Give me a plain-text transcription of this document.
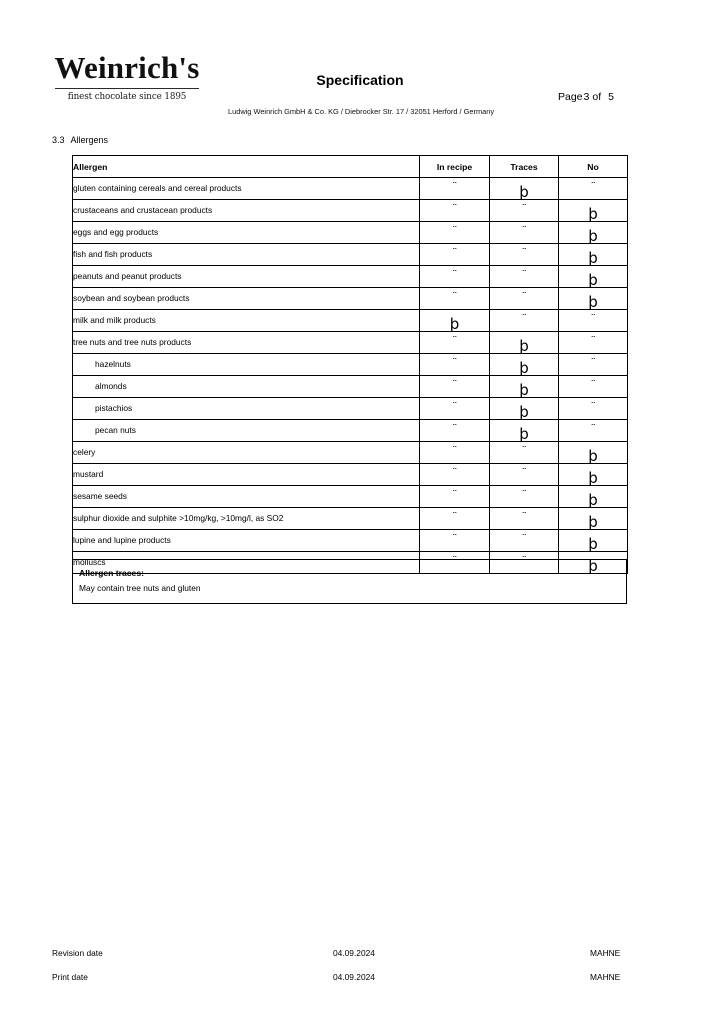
Weinrich's
finest chocolate since 1895
Specification
Ludwig Weinrich GmbH & Co. KG / Diebrocker Str. 17 / 32051 Herford / Germany
Page3 of 5
3.3 Allergens
Allergen	In recipe	Traces	No
gluten containing cereals and cereal products	¨	þ	¨
crustaceans and crustacean products	¨	¨	þ
eggs and egg products	¨	¨	þ
fish and fish products	¨	¨	þ
peanuts and peanut products	¨	¨	þ
soybean and soybean products	¨	¨	þ
milk and milk products	þ	¨	¨
tree nuts and tree nuts products	¨	þ	¨
hazelnuts	¨	þ	¨
almonds	¨	þ	¨
pistachios	¨	þ	¨
pecan nuts	¨	þ	¨
celery	¨	¨	þ
mustard	¨	¨	þ
sesame seeds	¨	¨	þ
sulphur dioxide and sulphite >10mg/kg, >10mg/l, as SO2	¨	¨	þ
lupine and lupine products	¨	¨	þ
molluscs	¨	¨	þ
Allergen traces:
May contain tree nuts and gluten
Revision date	04.09.2024	MAHNE
Print date	04.09.2024	MAHNE
